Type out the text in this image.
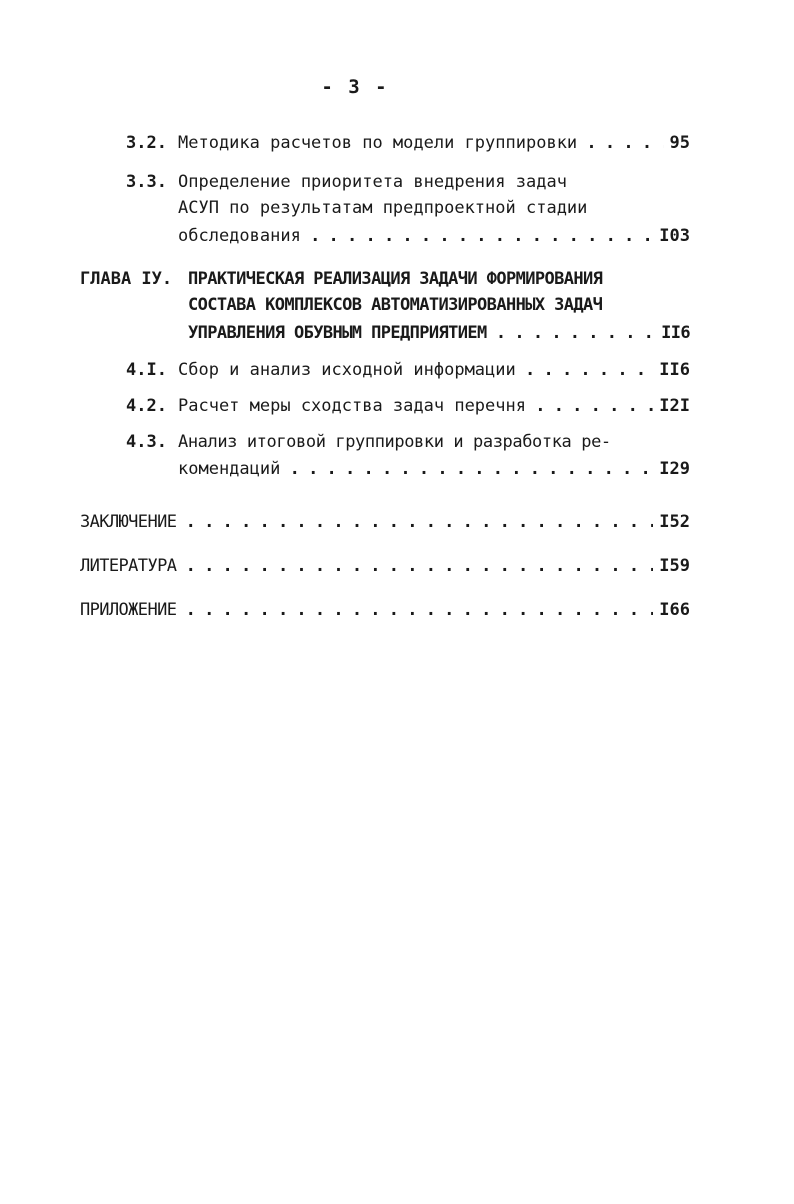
- 3 -
3.2. Методика расчетов по модели группировки . . .	95
3.3. Определение приоритета внедрения задач
АСУП по результатам предпроектной стадии
обследования . . .	I03
ГЛАВА IУ. ПРАКТИЧЕСКАЯ РЕАЛИЗАЦИЯ ЗАДАЧИ ФОРМИРОВАНИЯ
СОСТАВА КОМПЛЕКСОВ АВТОМАТИЗИРОВАННЫХ ЗАДАЧ
УПРАВЛЕНИЯ ОБУВНЫМ ПРЕДПРИЯТИЕМ . . .	II6
4.I. Сбор и анализ исходной информации . . .	II6
4.2. Расчет меры сходства задач перечня . . .	I2I
4.3. Анализ итоговой группировки и разработка ре-
комендаций . . .	I29
ЗАКЛЮЧЕНИЕ . . .	I52
ЛИТЕРАТУРА . . .	I59
ПРИЛОЖЕНИЕ . . .	I66
